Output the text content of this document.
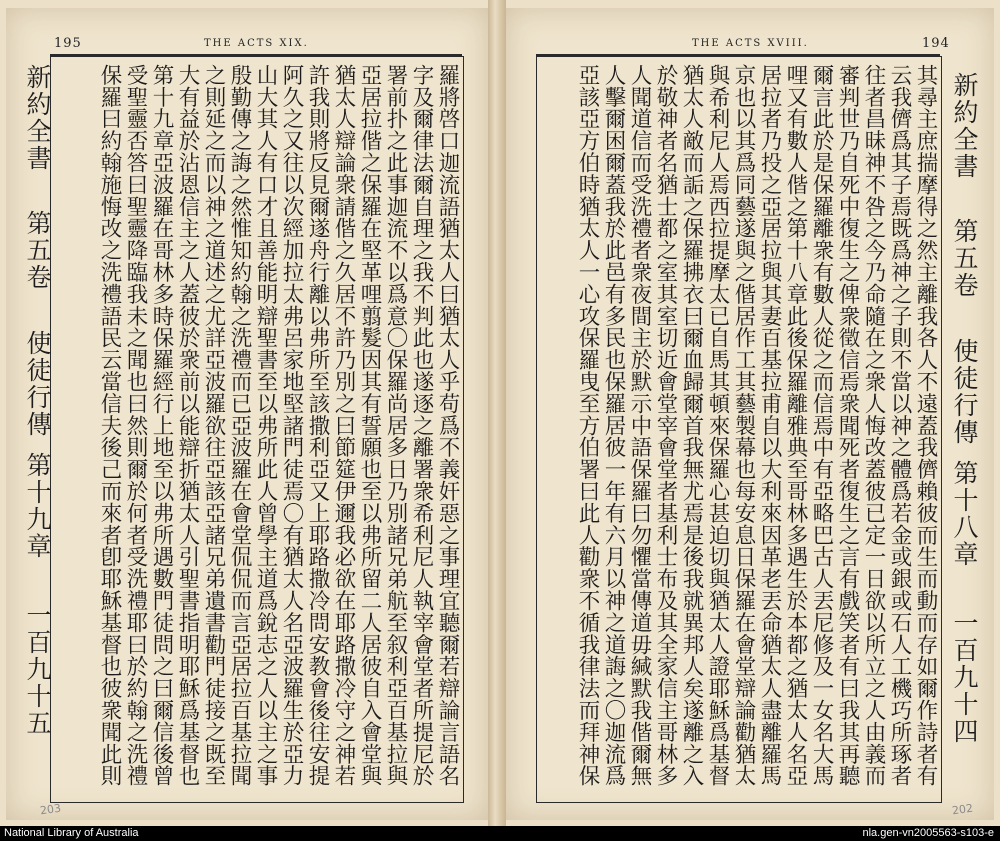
195	THE ACTS XIX.
羅將啓口迦流語猶太人曰猶太人乎苟爲不義奸惡之事理宜聽爾若辯論言語名
字及爾律法爾自理之我不判此也遂逐之離署衆希利尼人執宰會堂者所提尼於
署前扑之此事迦流不以爲意〇保羅尚居多日乃別諸兄弟航至叙利亞百基拉與
亞居拉偕之保羅在堅革哩翦髮因其有誓願也至以弗所留二人居彼自入會堂與
猶太人辯論衆請偕之久居不許乃別之曰節筵伊邇我必欲在耶路撒冷守之神若
許我則將反見爾遂舟行離以弗所至該撒利亞又上耶路撒冷問安教會後往安提
阿久之又往以次經加拉太弗呂家地堅諸門徒焉〇有猶太人名亞波羅生於亞力
山大其人有口才且善能明辯聖書至以弗所此人曾學主道爲銳志之人以主之事
殷勤傳之誨之然惟知約翰之洗禮而已亞波羅在會堂侃侃而言亞居拉百基拉聞
之則延之而以神之道述之尤詳亞波羅欲往亞該亞諸兄弟遺書勸門徒接之既至
大有益於沾恩信主之人蓋彼於衆前以能辯折猶太人引聖書指明耶穌爲基督也
第十九章亞波羅在哥林多時保羅經行上地至以弗所遇數門徒問之曰爾信後曾
受聖靈否答曰聖靈降臨我未之聞也曰然則爾於何者受洗禮耶曰於約翰之洗禮
保羅曰約翰施悔改之洗禮語民云當信夫後己而來者卽耶穌基督也彼衆聞此則
203
THE ACTS XVIII.	194
其尋主庶揣摩得之然主離我各人不遠蓋我儕賴彼而生而動而存如爾作詩者有
云我儕爲其子焉既爲神之子則不當以神之體爲若金或銀或石人工機巧所琢者
往者昌昧神不咎之今乃命隨在之衆人悔改蓋彼已定一日欲以所立之人由義而
審判世乃自死中復生之俾衆徵信焉衆聞死者復生之言有戲笑者有曰我其再聽
爾言此於是保羅離衆有數人從之而信焉中有亞略巴古人丟尼修及一女名大馬
哩又有數人偕之第十八章此後保羅離雅典至哥林多遇生於本都之猶太人名亞
居拉者乃投之亞居拉與其妻百基拉甫自以大利來因革老丟命猶太人盡離羅馬
京也以其爲同藝遂與之偕居作工其藝製幕也每安息日保羅在會堂辯論勸猶太
與希利尼人焉西拉提摩太已自馬其頓來保羅心甚迫切與猶太人證耶穌爲基督
猶太人敵而詬之保羅拂衣曰爾血歸爾首我無尤焉是後我就異邦人矣遂離之入
於敬神者名猶士都之室其室切近會堂宰會堂者基利士布及其全家信主哥林多
人聞道信而受洗禮者衆夜間主於默示中語保羅曰勿懼當傳道毋緘默我偕爾無
人擊爾困爾蓋我於此邑有多民也保羅居彼一年有六月以神之道誨之〇迦流爲
亞該亞方伯時猶太人一心攻保羅曳至方伯署曰此人勸衆不循我律法而拜神保	新約全書
第五卷
使徒行傳
第十八章
一百九十四
202
新約全書
第五卷
使徒行傳
第十九章
一百九十五
National Library of Australia	nla.gen-vn2005563-s103-e
